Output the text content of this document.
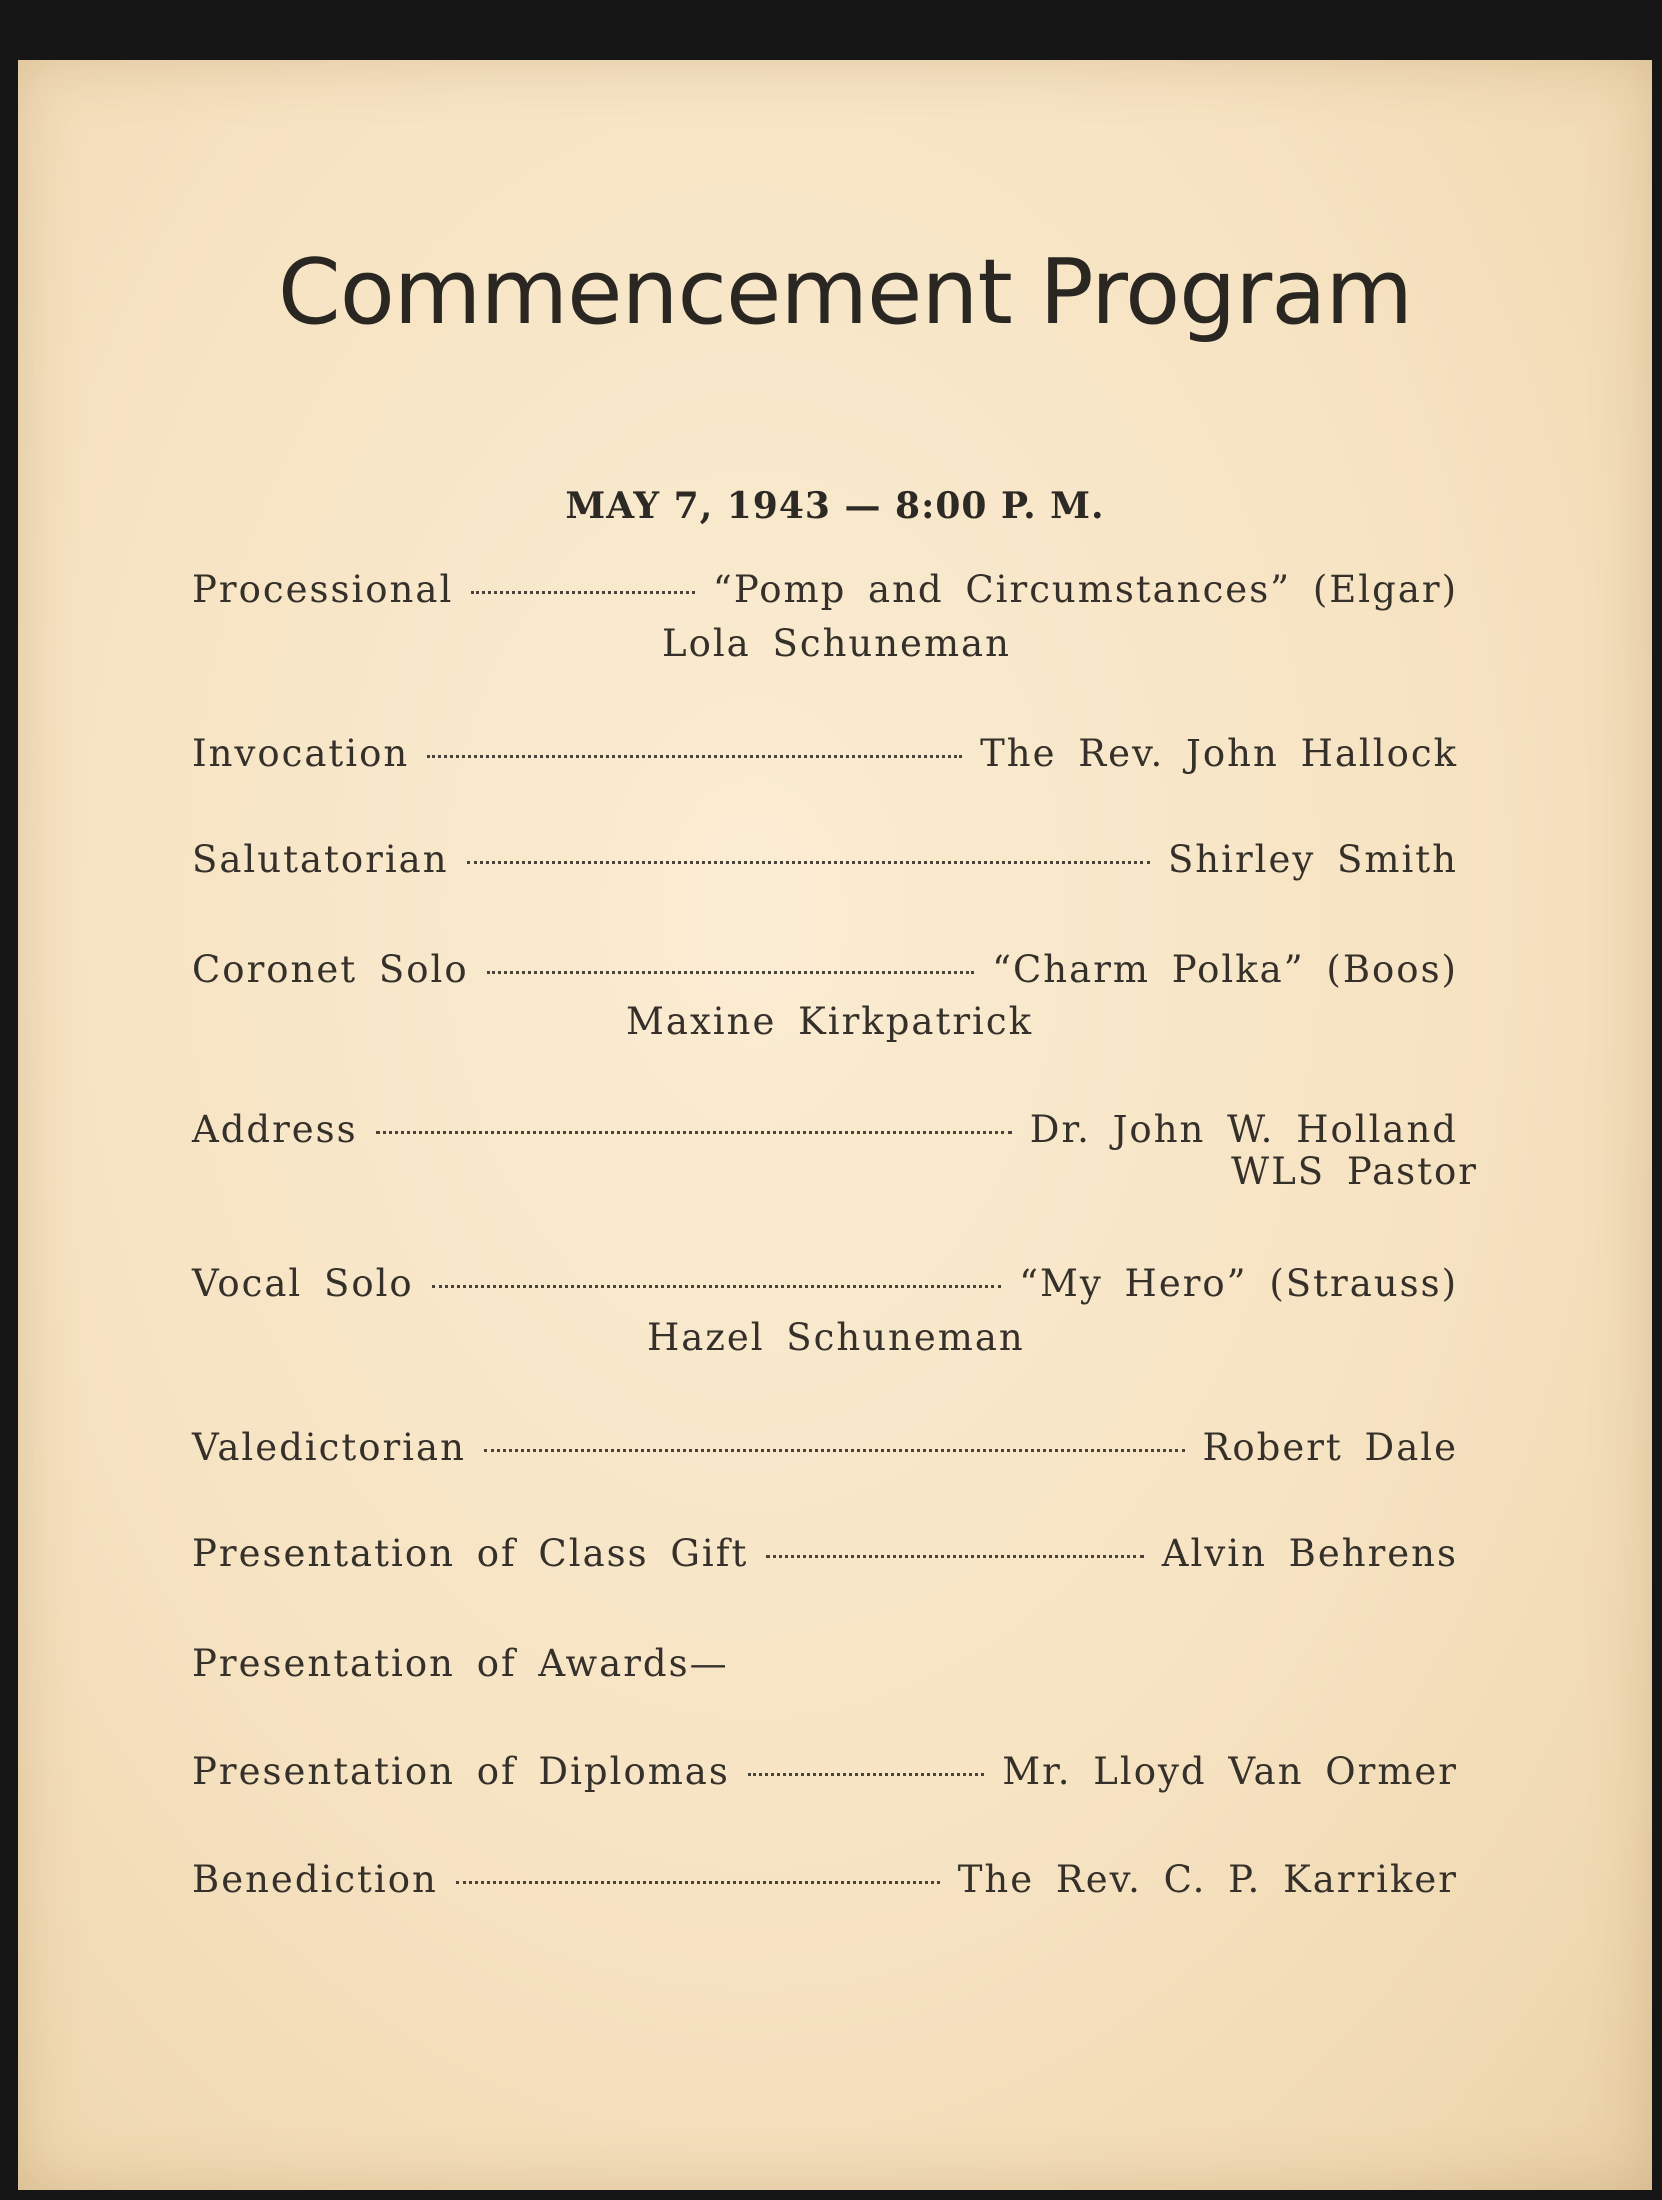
Commencement Program
MAY 7, 1943 — 8:00 P. M.
Processional	“Pomp and Circumstances” (Elgar)
Lola Schuneman
Invocation	The Rev. John Hallock
Salutatorian	Shirley Smith
Coronet Solo	“Charm Polka” (Boos)
Maxine Kirkpatrick
Address	Dr. John W. Holland
WLS Pastor
Vocal Solo	“My Hero” (Strauss)
Hazel Schuneman
Valedictorian	Robert Dale
Presentation of Class Gift	Alvin Behrens
Presentation of Awards—
Presentation of Diplomas	Mr. Lloyd Van Ormer
Benediction	The Rev. C. P. Karriker
